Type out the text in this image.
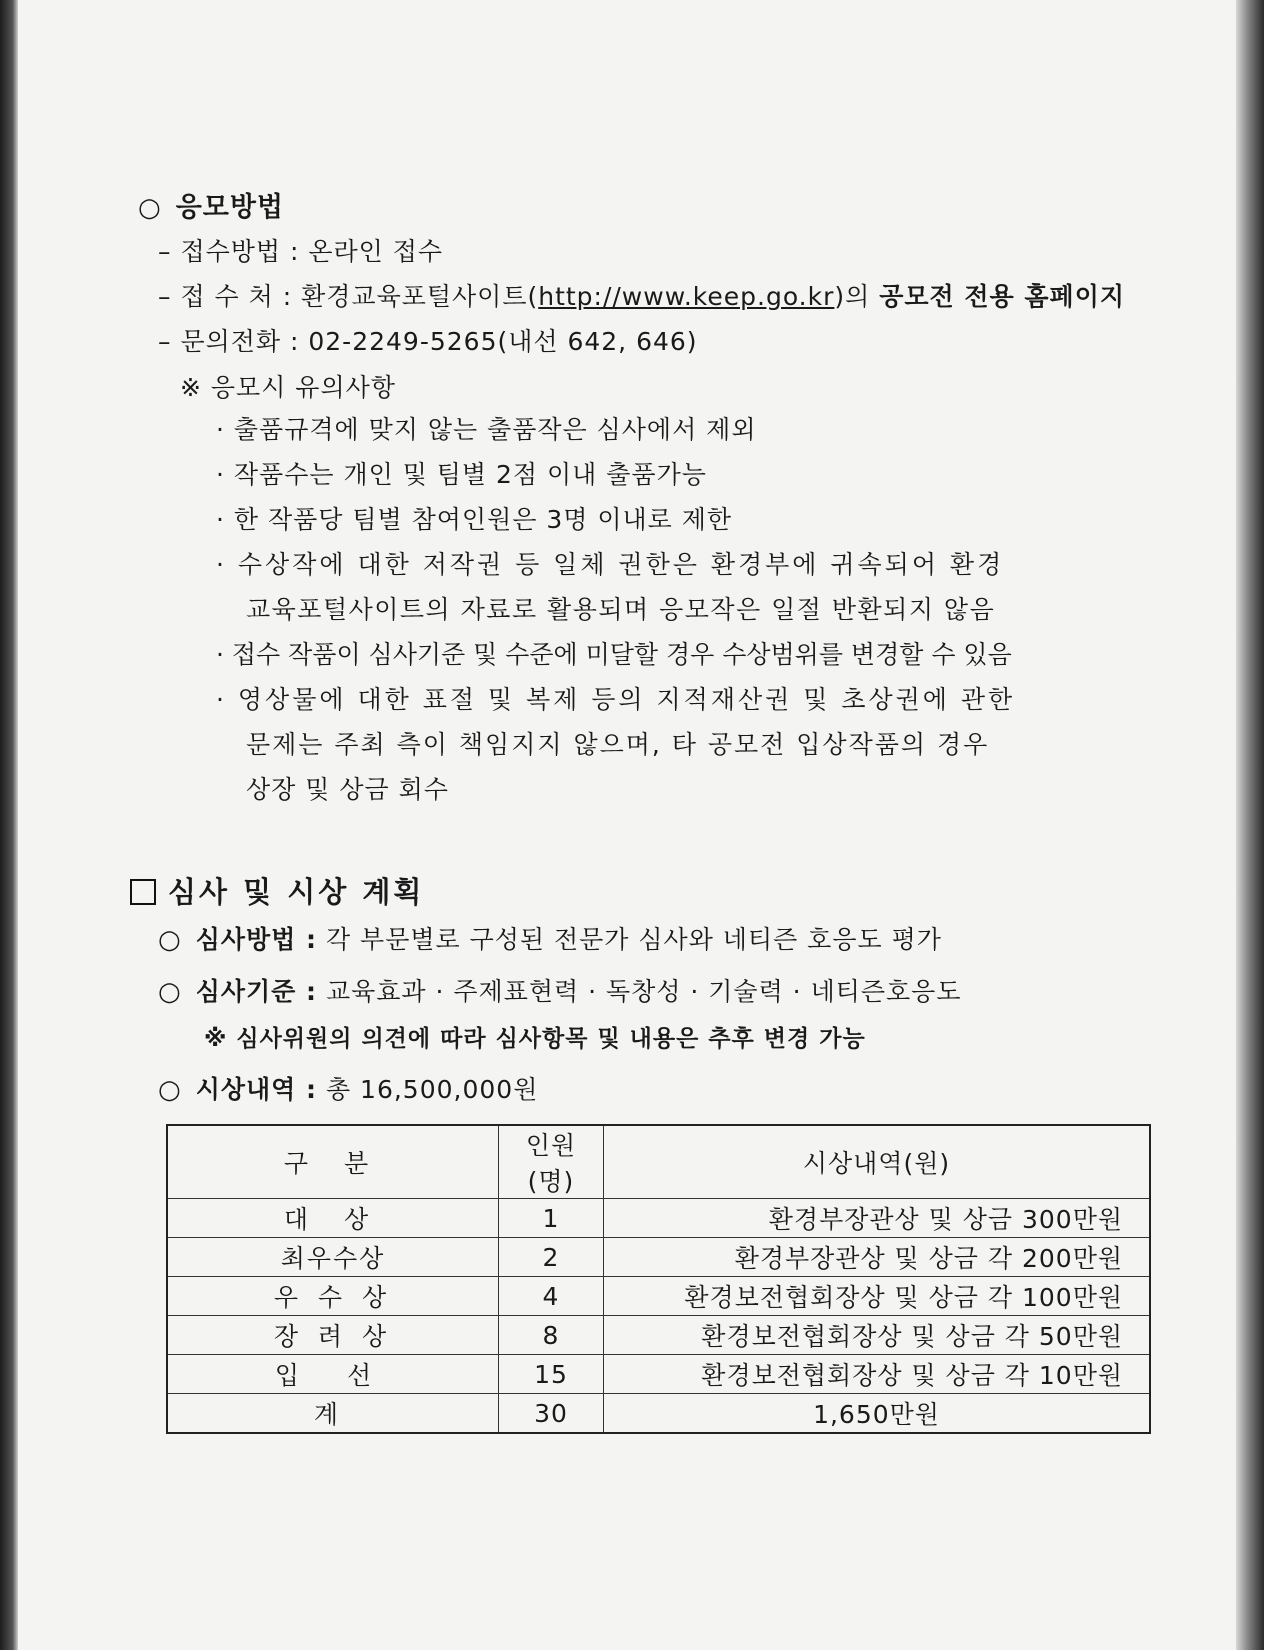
○ 응모방법
– 접수방법 : 온라인 접수
– 접 수 처 : 환경교육포털사이트(http://www.keep.go.kr)의 공모전 전용 홈페이지
– 문의전화 : 02-2249-5265(내선 642, 646)
※ 응모시 유의사항
· 출품규격에 맞지 않는 출품작은 심사에서 제외
· 작품수는 개인 및 팀별 2점 이내 출품가능
· 한 작품당 팀별 참여인원은 3명 이내로 제한
· 수상작에 대한 저작권 등 일체 권한은 환경부에 귀속되어 환경
교육포털사이트의 자료로 활용되며 응모작은 일절 반환되지 않음
· 접수 작품이 심사기준 및 수준에 미달할 경우 수상범위를 변경할 수 있음
· 영상물에 대한 표절 및 복제 등의 지적재산권 및 초상권에 관한
문제는 주최 측이 책임지지 않으며, 타 공모전 입상작품의 경우
상장 및 상금 회수
심사 및 시상 계획
○ 심사방법 : 각 부문별로 구성된 전문가 심사와 네티즌 호응도 평가
○ 심사기준 : 교육효과 · 주제표현력 · 독창성 · 기술력 · 네티즌호응도
※ 심사위원의 의견에 따라 심사항목 및 내용은 추후 변경 가능
○ 시상내역 : 총 16,500,000원
구 분	인원(명)	시상내역(원)
대 상	1	환경부장관상 및 상금 300만원
최우수상	2	환경부장관상 및 상금 각 200만원
우 수 상	4	환경보전협회장상 및 상금 각 100만원
장 려 상	8	환경보전협회장상 및 상금 각 50만원
입 선	15	환경보전협회장상 및 상금 각 10만원
계	30	1,650만원
